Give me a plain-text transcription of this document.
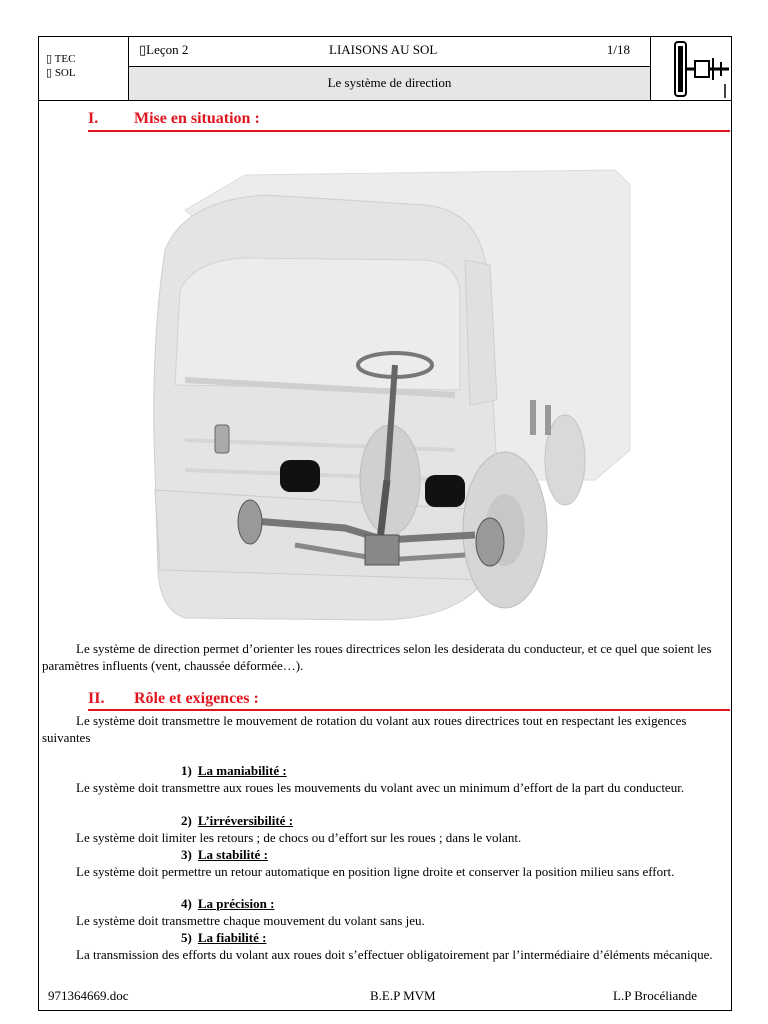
▯ TEC
▯ SOL
▯Leçon 2	LIAISONS AU SOL	1/18
Le système de direction
I. Mise en situation :
Le système de direction permet d’orienter les roues directrices selon les desiderata du conducteur, et ce quel que soient les paramètres influents (vent, chaussée déformée…).
II. Rôle et exigences :
Le système doit transmettre le mouvement de rotation du volant aux roues directrices tout en respectant les exigences suivantes
1) La maniabilité :
Le système doit transmettre aux roues les mouvements du volant avec un minimum d’effort de la part du conducteur.
2) L’irréversibilité :
Le système doit limiter les retours ; de chocs ou d’effort sur les roues ; dans le volant.
3) La stabilité :
Le système doit permettre un retour automatique en position ligne droite et conserver la position milieu sans effort.
4) La précision :
Le système doit transmettre chaque mouvement du volant sans jeu.
5) La fiabilité :
La transmission des efforts du volant aux roues doit s’effectuer obligatoirement par l’intermédiaire d’éléments mécanique.
971364669.doc	B.E.P MVM	L.P Brocéliande
